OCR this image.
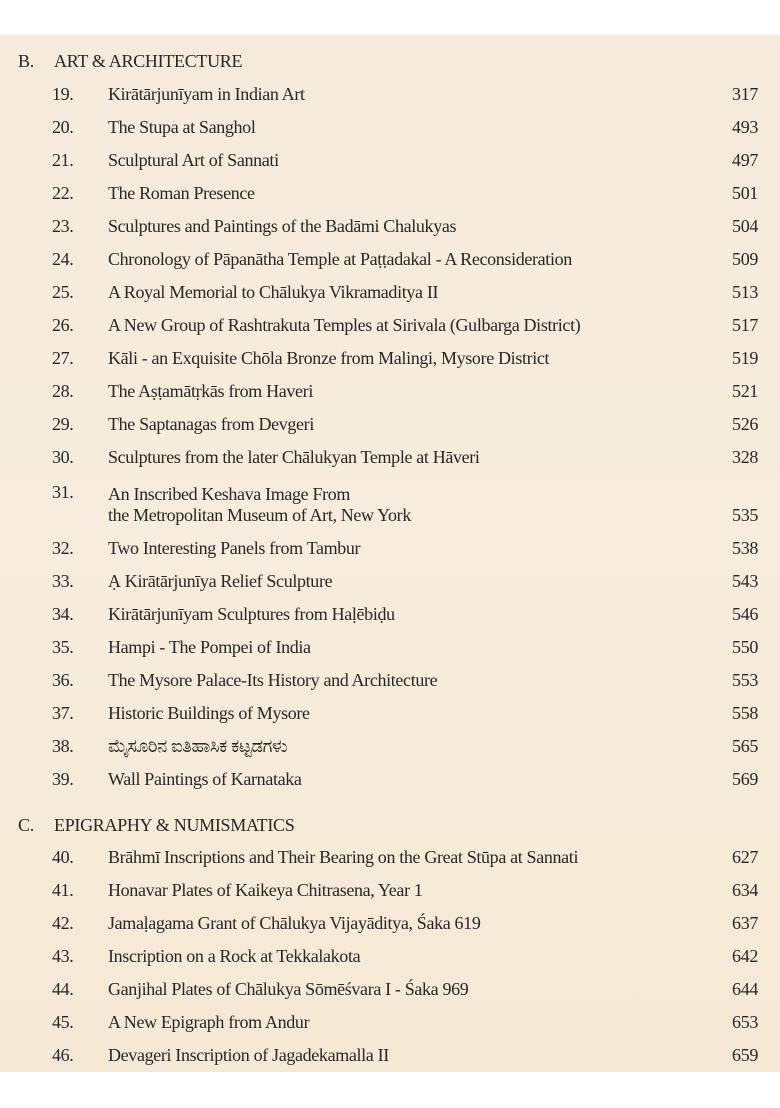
B.	ART & ARCHITECTURE
19.	Kirātārjunīyam in Indian Art	317
20.	The Stupa at Sanghol	493
21.	Sculptural Art of Sannati	497
22.	The Roman Presence	501
23.	Sculptures and Paintings of the Badāmi Chalukyas	504
24.	Chronology of Pāpanātha Temple at Paṭṭadakal - A Reconsideration	509
25.	A Royal Memorial to Chālukya Vikramaditya II	513
26.	A New Group of Rashtrakuta Temples at Sirivala (Gulbarga District)	517
27.	Kāli - an Exquisite Chōla Bronze from Malingi, Mysore District	519
28.	The Aṣṭamātṛkās from Haveri	521
29.	The Saptanagas from Devgeri	526
30.	Sculptures from the later Chālukyan Temple at Hāveri	328
31.	An Inscribed Keshava Image From
the Metropolitan Museum of Art, New York	535
32.	Two Interesting Panels from Tambur	538
33.	Ạ Kirātārjunīya Relief Sculpture	543
34.	Kirātārjunīyam Sculptures from Haḷēbiḍu	546
35.	Hampi - The Pompei of India	550
36.	The Mysore Palace-Its History and Architecture	553
37.	Historic Buildings of Mysore	558
38.	ಮೈಸೂರಿನ ಐತಿಹಾಸಿಕ ಕಟ್ಟಡಗಳು	565
39.	Wall Paintings of Karnataka	569
C.	EPIGRAPHY & NUMISMATICS
40.	Brāhmī Inscriptions and Their Bearing on the Great Stūpa at Sannati	627
41.	Honavar Plates of Kaikeya Chitrasena, Year 1	634
42.	Jamaḷagama Grant of Chālukya Vijayāditya, Śaka 619	637
43.	Inscription on a Rock at Tekkalakota	642
44.	Ganjihal Plates of Chālukya Sōmēśvara I - Śaka 969	644
45.	A New Epigraph from Andur	653
46.	Devageri Inscription of Jagadekamalla II	659
